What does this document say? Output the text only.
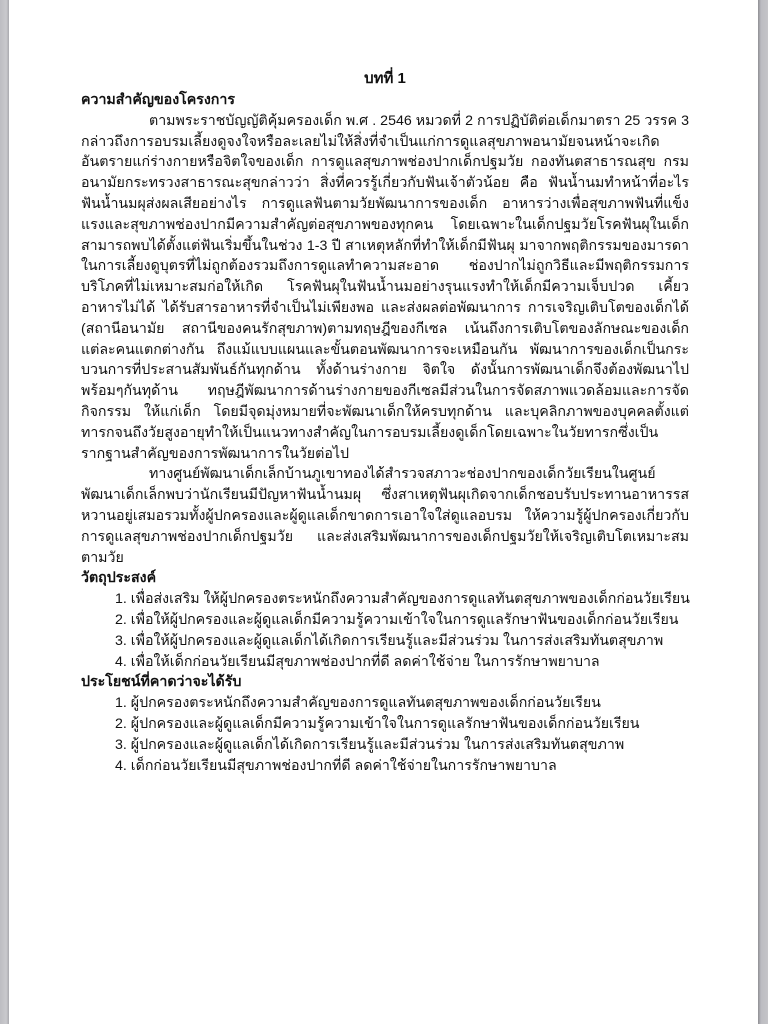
บทที่ 1
ความสำคัญของโครงการ

ตามพระราชบัญญัติคุ้มครองเด็ก พ.ศ . 2546 หมวดที่ 2 การปฏิบัติต่อเด็กมาตรา 25 วรรค 3 กล่าวถึงการอบรมเลี้ยงดูจงใจหรือละเลยไม่ให้สิ่งที่จำเป็นแก่การดูแลสุขภาพอนามัยจนหน้าจะเกิดอันตรายแก่ร่างกายหรือจิตใจของเด็ก การดูแลสุขภาพช่องปากเด็กปฐมวัย กองทันตสาธารณสุข กรมอนามัยกระทรวงสาธารณะสุขกล่าวว่า สิ่งที่ควรรู้เกี่ยวกับฟันเจ้าตัวน้อย คือ ฟันน้ำนมทำหน้าที่อะไร ฟันน้ำนมผุส่งผลเสียอย่างไร การดูแลฟันตามวัยพัฒนาการของเด็ก อาหารว่างเพื่อสุขภาพฟันที่แข็งแรงและสุขภาพช่องปากมีความสำคัญต่อสุขภาพของทุกคน โดยเฉพาะในเด็กปฐมวัยโรคฟันผุในเด็กสามารถพบได้ตั้งแต่ฟันเริ่มขึ้นในช่วง 1-3 ปี สาเหตุหลักที่ทำให้เด็กมีฟันผุ มาจากพฤติกรรมของมารดาในการเลี้ยงดูบุตรที่ไม่ถูกต้องรวมถึงการดูแลทำความสะอาด ช่องปากไม่ถูกวิธีและมีพฤติกรรมการบริโภคที่ไม่เหมาะสมก่อให้เกิด โรคฟันผุในฟันน้ำนมอย่างรุนแรงทำให้เด็กมีความเจ็บปวด เคี้ยวอาหารไม่ได้ ได้รับสารอาหารที่จำเป็นไม่เพียงพอ และส่งผลต่อพัฒนาการ การเจริญเติบโตของเด็กได้ (สถานีอนามัย สถานีของคนรักสุขภาพ)ตามทฤษฎีของกีเซล เน้นถึงการเติบโตของลักษณะของเด็กแต่ละคนแตกต่างกัน ถึงแม้แบบแผนและขั้นตอนพัฒนาการจะเหมือนกัน พัฒนาการของเด็กเป็นกระบวนการที่ประสานสัมพันธ์กันทุกด้าน ทั้งด้านร่างกาย จิตใจ ดังนั้นการพัฒนาเด็กจึงต้องพัฒนาไปพร้อมๆกันทุด้าน ทฤษฎีพัฒนาการด้านร่างกายของกีเซลมีส่วนในการจัดสภาพแวดล้อมและการจัดกิจกรรม ให้แก่เด็ก โดยมีจุดมุ่งหมายที่จะพัฒนาเด็กให้ครบทุกด้าน และบุคลิกภาพของบุคคลตั้งแต่ทารกจนถึงวัยสูงอายุทำให้เป็นแนวทางสำคัญในการอบรมเลี้ยงดูเด็กโดยเฉพาะในวัยทารกซึ่งเป็นรากฐานสำคัญของการพัฒนาการในวัยต่อไป

ทางศูนย์พัฒนาเด็กเล็กบ้านภูเขาทองได้สำรวจสภาวะช่องปากของเด็กวัยเรียนในศูนย์พัฒนาเด็กเล็กพบว่านักเรียนมีปัญหาฟันน้ำนมผุ ซึ่งสาเหตุฟันผุเกิดจากเด็กชอบรับประทานอาหารรสหวานอยู่เสมอรวมทั้งผู้ปกครองและผู้ดูแลเด็กขาดการเอาใจใส่ดูแลอบรม ให้ความรู้ผู้ปกครองเกี่ยวกับการดูแลสุขภาพช่องปากเด็กปฐมวัย และส่งเสริมพัฒนาการของเด็กปฐมวัยให้เจริญเติบโตเหมาะสมตามวัย

วัตถุประสงค์
1. เพื่อส่งเสริม ให้ผู้ปกครองตระหนักถึงความสำคัญของการดูแลทันตสุขภาพของเด็กก่อนวัยเรียน
2. เพื่อให้ผู้ปกครองและผู้ดูแลเด็กมีความรู้ความเข้าใจในการดูแลรักษาฟันของเด็กก่อนวัยเรียน
3. เพื่อให้ผู้ปกครองและผู้ดูแลเด็กได้เกิดการเรียนรู้และมีส่วนร่วม ในการส่งเสริมทันตสุขภาพ
4. เพื่อให้เด็กก่อนวัยเรียนมีสุขภาพช่องปากที่ดี ลดค่าใช้จ่าย ในการรักษาพยาบาล
ประโยชน์ที่คาดว่าจะได้รับ
1. ผู้ปกครองตระหนักถึงความสำคัญของการดูแลทันตสุขภาพของเด็กก่อนวัยเรียน
2. ผู้ปกครองและผู้ดูแลเด็กมีความรู้ความเข้าใจในการดูแลรักษาฟันของเด็กก่อนวัยเรียน
3. ผู้ปกครองและผู้ดูแลเด็กได้เกิดการเรียนรู้และมีส่วนร่วม ในการส่งเสริมทันตสุขภาพ
4. เด็กก่อนวัยเรียนมีสุขภาพช่องปากที่ดี ลดค่าใช้จ่ายในการรักษาพยาบาล
